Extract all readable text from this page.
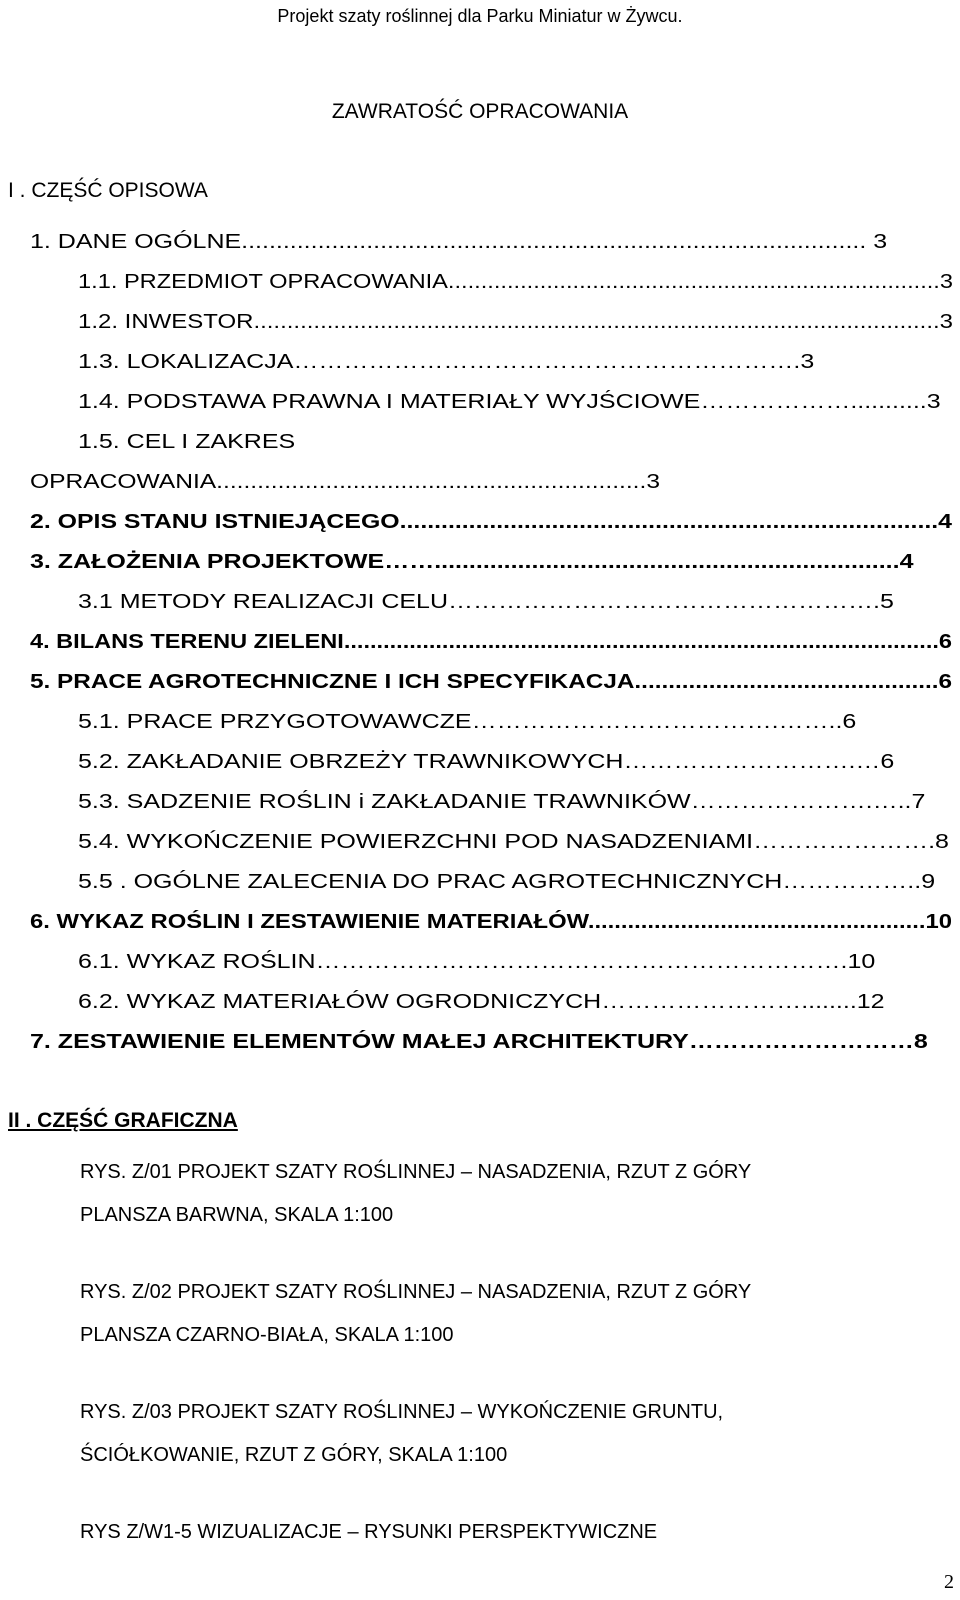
Projekt szaty roślinnej dla Parku Miniatur w Żywcu.
ZAWRATOŚĆ OPRACOWANIA
I . CZĘŚĆ OPISOWA
1. DANE OGÓLNE.......................................................................................... 3
1.1. PRZEDMIOT OPRACOWANIA...........................................................................3
1.2. INWESTOR.......................................................................................................3
1.3. LOKALIZACJA…………………………………………………….3
1.4. PODSTAWA PRAWNA I MATERIAŁY WYJŚCIOWE………………...........3
1.5. CEL I ZAKRES
OPRACOWANIA...............................................................3
2. OPIS STANU ISTNIEJĄCEGO..............................................................................4
3. ZAŁOŻENIA PROJEKTOWE……...................................................................4
3.1 METODY REALIZACJI CELU…………………………………………….5
4. BILANS TERENU ZIELENI...........................................................................................6
5. PRACE AGROTECHNICZNE I ICH SPECYFIKACJA.............................................6
5.1. PRACE PRZYGOTOWAWCZE……………………………….……..6
5.2. ZAKŁADANIE OBRZEŻY TRAWNIKOWYCH……………………….…6
5.3. SADZENIE ROŚLIN i ZAKŁADANIE TRAWNIKÓW………………….…..7
5.4. WYKOŃCZENIE POWIERZCHNI POD NASADZENIAMI………………….8
5.5 . OGÓLNE ZALECENIA DO PRAC AGROTECHNICZNYCH……………..9
6. WYKAZ ROŚLIN I ZESTAWIENIE MATERIAŁÓW...................................................10
6.1. WYKAZ ROŚLIN……………………………………………………….10
6.2. WYKAZ MATERIAŁÓW OGRODNICZYCH……………………........12
7. ZESTAWIENIE ELEMENTÓW MAŁEJ ARCHITEKTURY………………………8
II . CZĘŚĆ GRAFICZNA
RYS. Z/01 PROJEKT SZATY ROŚLINNEJ – NASADZENIA, RZUT Z GÓRY
PLANSZA BARWNA, SKALA 1:100
RYS. Z/02 PROJEKT SZATY ROŚLINNEJ – NASADZENIA, RZUT Z GÓRY
PLANSZA CZARNO-BIAŁA, SKALA 1:100
RYS. Z/03 PROJEKT SZATY ROŚLINNEJ – WYKOŃCZENIE GRUNTU,
ŚCIÓŁKOWANIE, RZUT Z GÓRY, SKALA 1:100
RYS Z/W1-5 WIZUALIZACJE – RYSUNKI PERSPEKTYWICZNE
2
